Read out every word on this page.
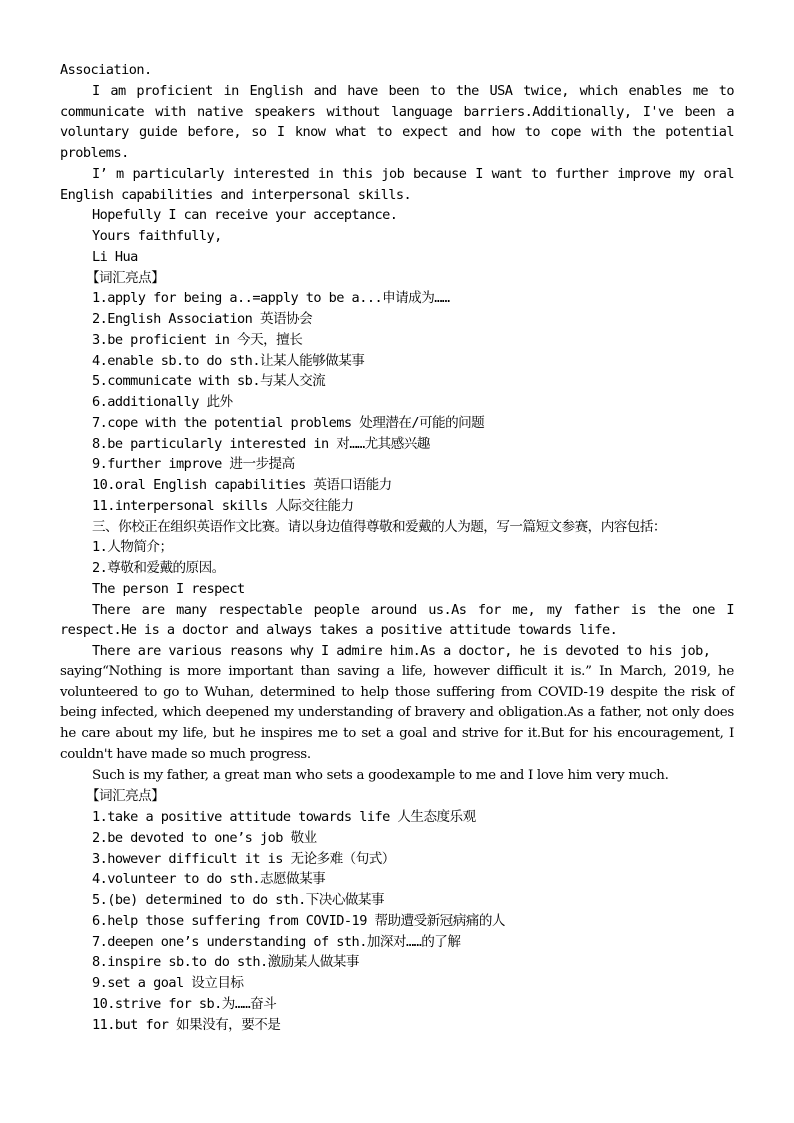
Association.
I am proficient in English and have been to the USA twice, which enables me to communicate with native speakers without language barriers.Additionally, I've been a voluntary guide before, so I know what to expect and how to cope with the potential problems.
I’ m particularly interested in this job because I want to further improve my oral English capabilities and interpersonal skills.
Hopefully I can receive your acceptance.
Yours faithfully,
Li Hua
【词汇亮点】
1.apply for being a..=apply to be a...申请成为……
2.English Association 英语协会
3.be proficient in 今天，擅长
4.enable sb.to do sth.让某人能够做某事
5.communicate with sb.与某人交流
6.additionally 此外
7.cope with the potential problems 处理潜在/可能的问题
8.be particularly interested in 对……尤其感兴趣
9.further improve 进一步提高
10.oral English capabilities 英语口语能力
11.interpersonal skills 人际交往能力
三、你校正在组织英语作文比赛。请以身边值得尊敬和爱戴的人为题，写一篇短文参赛，内容包括：
1.人物简介；
2.尊敬和爱戴的原因。
The person I respect
There are many respectable people around us.As for me, my father is the one I respect.He is a doctor and always takes a positive attitude towards life.
There are various reasons why I admire him.As a doctor, he is devoted to his job,
saying“Nothing is more important than saving a life, however difficult it is.” In March, 2019, he volunteered to go to Wuhan, determined to help those suffering from COVID-19 despite the risk of being infected, which deepened my understanding of bravery and obligation.As a father, not only does he care about my life, but he inspires me to set a goal and strive for it.But for his encouragement, I couldn't have made so much progress.
Such is my father, a great man who sets a goodexample to me and I love him very much.
【词汇亮点】
1.take a positive attitude towards life 人生态度乐观
2.be devoted to one’s job 敬业
3.however difficult it is 无论多难（句式）
4.volunteer to do sth.志愿做某事
5.(be) determined to do sth.下决心做某事
6.help those suffering from COVID-19 帮助遭受新冠病痛的人
7.deepen one’s understanding of sth.加深对……的了解
8.inspire sb.to do sth.激励某人做某事
9.set a goal 设立目标
10.strive for sb.为……奋斗
11.but for 如果没有，要不是
